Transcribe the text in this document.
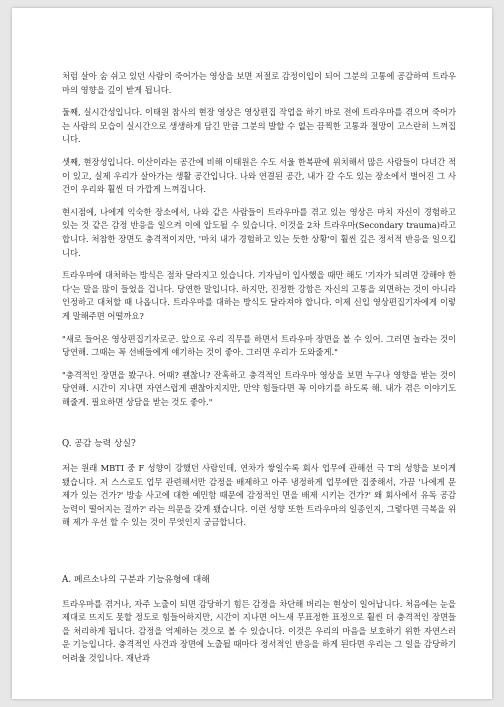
처럼 살아 숨 쉬고 있던 사람이 죽어가는 영상을 보면 저절로 감정이입이 되어 그분의 고통에 공감하여 트라우마의 영향을 깊이 받게 됩니다.

둘째, 실시간성입니다. 이태원 참사의 현장 영상은 영상편집 작업을 하기 바로 전에 트라우마를 겪으며 죽어가는 사람의 모습이 실시간으로 생생하게 담긴 만큼 그분의 발할 수 없는 끔찍한 고통과 절망이 고스란히 느껴집니다.

셋째, 현장성입니다. 이산이라는 공간에 비해 이태원은 수도 서울 한복판에 위치해서 많은 사람들이 다녀간 적이 있고, 실제 우리가 살아가는 생활 공간입니다. 나와 연결된 공간, 내가 갈 수도 있는 장소에서 벌어진 그 사건이 우리와 훨씬 더 가깝게 느껴집니다.

현시점에, 나에게 익숙한 장소에서, 나와 같은 사람들이 트라우마를 겪고 있는 영상은 마치 자신이 경험하고 있는 것 같은 감정 반응을 일으켜 이에 압도될 수 있습니다. 이것을 2차 트라우마(Secondary trauma)라고 합니다. 처참한 장면도 충격적이지만, '마치 내가 경험하고 있는 듯한 상황'이 훨씬 깊은 정서적 반응을 일으킵니다.

트라우마에 대처하는 방식은 점차 달라지고 있습니다. 기자님이 입사했을 때만 해도 '기자가 되려면 강해야 한다'는 말을 많이 들었을 겁니다. 당연한 말입니다. 하지만, 진정한 강함은 자신의 고통을 외면하는 것이 아니라 인정하고 대처할 때 나옵니다. 트라우마를 대하는 방식도 달라져야 합니다. 이제 신입 영상편집기자에게 이렇게 말해주면 어떨까요?

"새로 들어온 영상편집기자로군. 앞으로 우리 직무를 하면서 트라우마 장면을 볼 수 있어. 그러면 놀라는 것이 당연해. 그때는 꼭 선배들에게 얘기하는 것이 좋아. 그러면 우리가 도와줄게."

"충격적인 장면을 봤구나. 어때? 괜찮니? 잔혹하고 충격적인 트라우마 영상을 보면 누구나 영향을 받는 것이 당연해. 시간이 지나면 자연스럽게 괜찮아지지만, 만약 힘들다면 꼭 이야기를 하도록 해. 내가 겪은 이야기도 해줄게. 필요하면 상담을 받는 것도 좋아."

Q. 공감 능력 상실?

저는 원래 MBTI 중 F 성향이 강했던 사람인데, 연차가 쌓일수록 회사 업무에 관해선 극 T의 성향을 보이게 됐습니다. 저 스스로도 업무 관련해서만 감정을 배제하고 아주 냉정하게 업무에만 집중해서, 가끔 '나에게 문제가 있는 건가?' 방송 사고에 대한 예민함 때문에 감정적인 면을 배제 시키는 건가?' 왜 회사에서 유독 공감 능력이 떨어지는 걸까?' 라는 의문을 갖게 됐습니다. 이런 성향 또한 트라우마의 일종인지, 그렇다면 극복을 위해 제가 우선 할 수 있는 것이 무엇인지 궁금합니다.

A. 페르소나의 구분과 기능유형에 대해

트라우마를 겪거나, 자주 노출이 되면 감당하기 힘든 감정을 차단해 버리는 현상이 일어납니다. 처음에는 눈을 제대로 뜨지도 못할 정도로 힘들어하지만, 시간이 지나면 어느새 무표정한 표정으로 훨씬 더 충격적인 장면들을 처리하게 됩니다. 감정을 억제하는 것으로 볼 수 있습니다. 이것은 우리의 마음을 보호하기 위한 자연스러운 기능입니다. 충격적인 사건과 장면에 노출될 때마다 정서적인 반응을 하게 된다면 우리는 그 일을 감당하기 어려울 것입니다. 재난과
